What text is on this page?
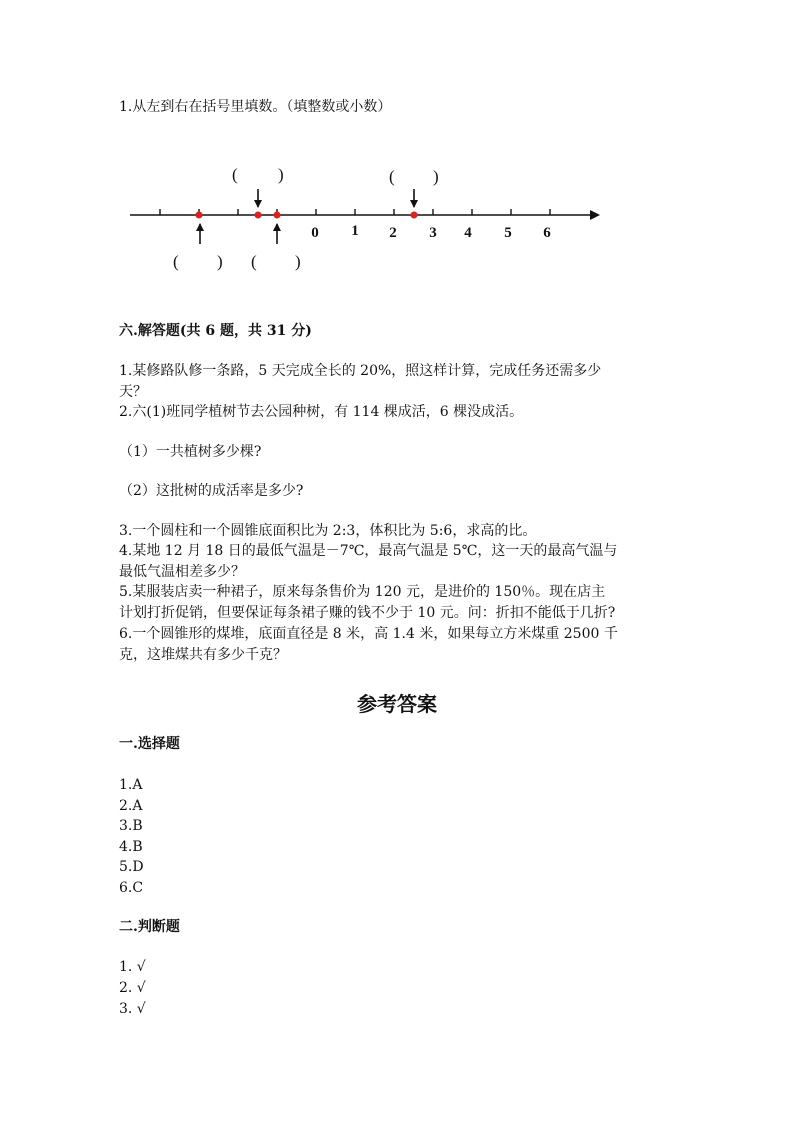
1.从左到右在括号里填数。（填整数或小数）
0 1 2 3 4 5 6
( )	( )
( ) ( )
六.解答题(共 6 题，共 31 分)
1.某修路队修一条路，5 天完成全长的 20%，照这样计算，完成任务还需多少
天？
2.六(1)班同学植树节去公园种树，有 114 棵成活，6 棵没成活。
（1）一共植树多少棵?
（2）这批树的成活率是多少?
3.一个圆柱和一个圆锥底面积比为 2:3，体积比为 5:6，求高的比。
4.某地 12 月 18 日的最低气温是－7℃，最高气温是 5℃，这一天的最高气温与
最低气温相差多少？
5.某服装店卖一种裙子，原来每条售价为 120 元，是进价的 150％。现在店主
计划打折促销，但要保证每条裙子赚的钱不少于 10 元。问：折扣不能低于几折?
6.一个圆锥形的煤堆，底面直径是 8 米，高 1.4 米，如果每立方米煤重 2500 千
克，这堆煤共有多少千克？
参考答案
一.选择题
1.A
2.A
3.B
4.B
5.D
6.C
二.判断题
1. √
2. √
3. √
